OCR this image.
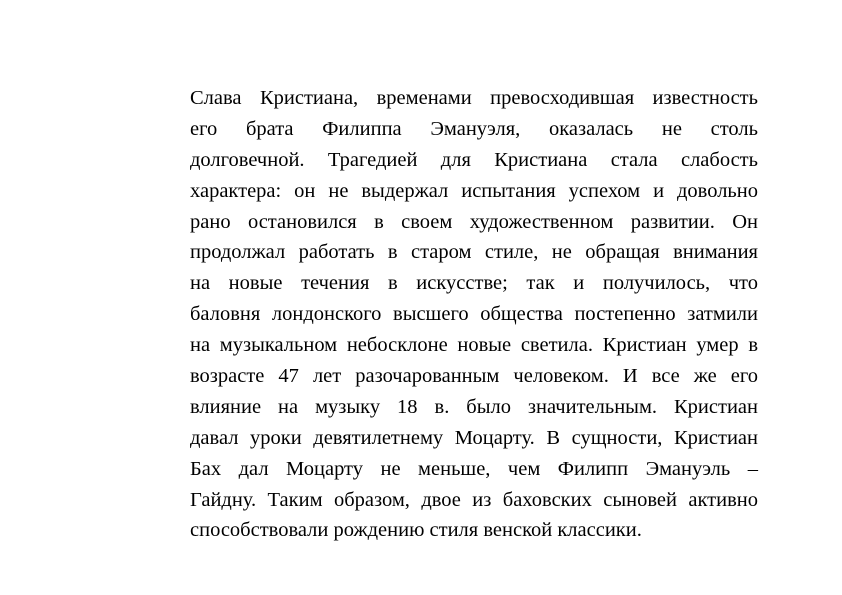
Слава Кристиана, временами превосходившая известность
его брата Филиппа Эмануэля, оказалась не столь
долговечной. Трагедией для Кристиана стала слабость
характера: он не выдержал испытания успехом и довольно
рано остановился в своем художественном развитии. Он
продолжал работать в старом стиле, не обращая внимания
на новые течения в искусстве; так и получилось, что
баловня лондонского высшего общества постепенно затмили
на музыкальном небосклоне новые светила. Кристиан умер в
возрасте 47 лет разочарованным человеком. И все же его
влияние на музыку 18 в. было значительным. Кристиан
давал уроки девятилетнему Моцарту. В сущности, Кристиан
Бах дал Моцарту не меньше, чем Филипп Эмануэль –
Гайдну. Таким образом, двое из баховских сыновей активно
способствовали рождению стиля венской классики.
